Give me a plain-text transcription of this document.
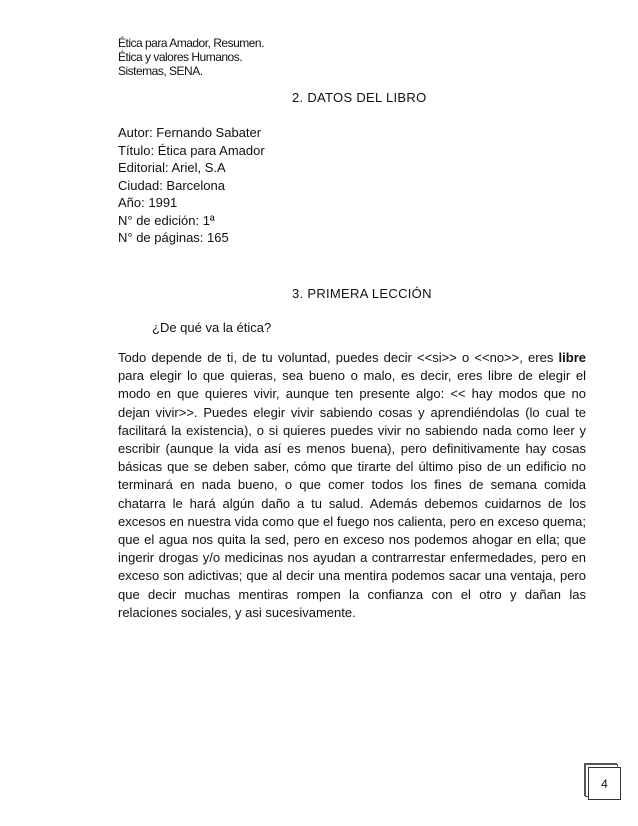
Ética para Amador, Resumen.
Ética y valores Humanos.
Sistemas, SENA.
2. DATOS DEL LIBRO
Autor: Fernando Sabater
Título: Ética para Amador
Editorial: Ariel, S.A
Ciudad: Barcelona
Año: 1991
N° de edición: 1ª
N° de páginas: 165
3. PRIMERA LECCIÓN
¿De qué va la ética?
Todo depende de ti, de tu voluntad, puedes decir <<si>> o <<no>>, eres libre para elegir lo que quieras, sea bueno o malo, es decir, eres libre de elegir el modo en que quieres vivir, aunque ten presente algo: << hay modos que no dejan vivir>>. Puedes elegir vivir sabiendo cosas y aprendiéndolas (lo cual te facilitará la existencia), o si quieres puedes vivir no sabiendo nada como leer y escribir (aunque la vida así es menos buena), pero definitivamente hay cosas básicas que se deben saber, cómo que tirarte del último piso de un edificio no terminará en nada bueno, o que comer todos los fines de semana comida chatarra le hará algún daño a tu salud. Además debemos cuidarnos de los excesos en nuestra vida como que el fuego nos calienta, pero en exceso quema; que el agua nos quita la sed, pero en exceso nos podemos ahogar en ella; que ingerir drogas y/o medicinas nos ayudan a contrarrestar enfermedades, pero en exceso son adictivas; que al decir una mentira podemos sacar una ventaja, pero que decir muchas mentiras rompen la confianza con el otro y dañan las relaciones sociales, y asi sucesivamente.
4
